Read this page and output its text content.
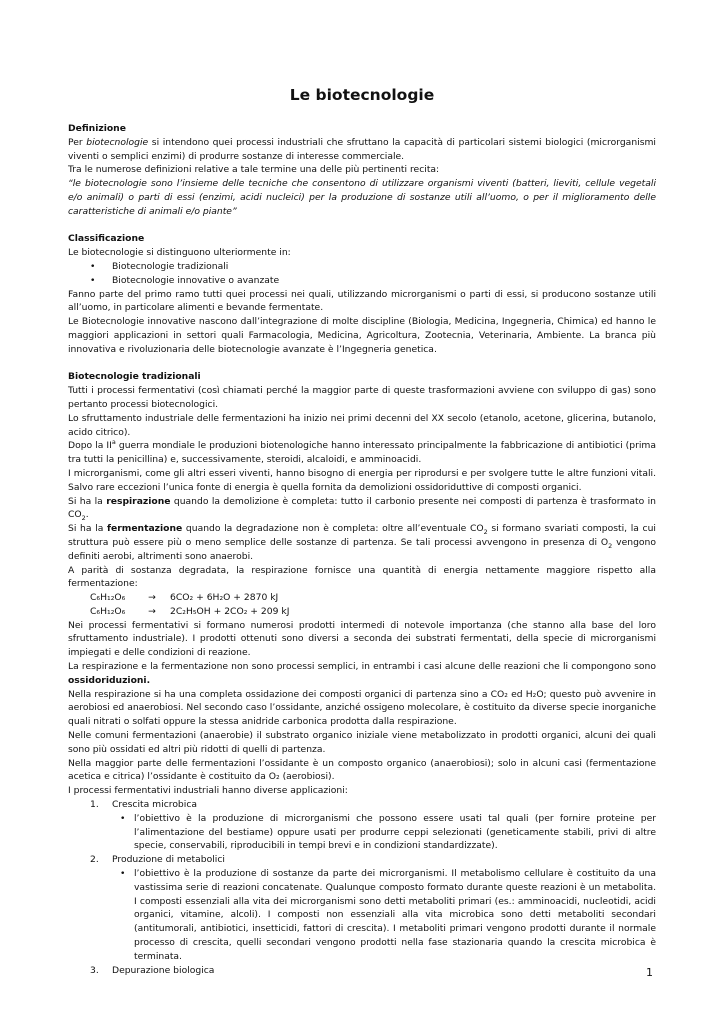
Le biotecnologie

Definizione

Per biotecnologie si intendono quei processi industriali che sfruttano la capacità di particolari sistemi biologici (microrganismi viventi o semplici enzimi) di produrre sostanze di interesse commerciale.

Tra le numerose definizioni relative a tale termine una delle più pertinenti recita:

“le biotecnologie sono l’insieme delle tecniche che consentono di utilizzare organismi viventi (batteri, lieviti, cellule vegetali e/o animali) o parti di essi (enzimi, acidi nucleici) per la produzione di sostanze utili all’uomo, o per il miglioramento delle caratteristiche di animali e/o piante”

Classificazione

Le biotecnologie si distinguono ulteriormente in:

• Biotecnologie tradizionali
• Biotecnologie innovative o avanzate

Fanno parte del primo ramo tutti quei processi nei quali, utilizzando microrganismi o parti di essi, si producono sostanze utili all’uomo, in particolare alimenti e bevande fermentate.

Le Biotecnologie innovative nascono dall’integrazione di molte discipline (Biologia, Medicina, Ingegneria, Chimica) ed hanno le maggiori applicazioni in settori quali Farmacologia, Medicina, Agricoltura, Zootecnia, Veterinaria, Ambiente. La branca più innovativa e rivoluzionaria delle biotecnologie avanzate è l’Ingegneria genetica.

Biotecnologie tradizionali

Tutti i processi fermentativi (così chiamati perché la maggior parte di queste trasformazioni avviene con sviluppo di gas) sono pertanto processi biotecnologici.

Lo sfruttamento industriale delle fermentazioni ha inizio nei primi decenni del XX secolo (etanolo, acetone, glicerina, butanolo, acido citrico).

Dopo la $II^a$ guerra mondiale le produzioni biotenologiche hanno interessato principalmente la fabbricazione di antibiotici (prima tra tutti la penicillina) e, successivamente, steroidi, alcaloidi, e amminoacidi.

I microrganismi, come gli altri esseri viventi, hanno bisogno di energia per riprodursi e per svolgere tutte le altre funzioni vitali. Salvo rare eccezioni l’unica fonte di energia è quella fornita da demolizioni ossidoriduttive di composti organici.

Si ha la respirazione quando la demolizione è completa: tutto il carbonio presente nei composti di partenza è trasformato in $CO_2$.

Si ha la fermentazione quando la degradazione non è completa: oltre all’eventuale $CO_2$ si formano svariati composti, la cui struttura può essere più o meno semplice delle sostanze di partenza. Se tali processi avvengono in presenza di $O_2$ vengono definiti aerobi, altrimenti sono anaerobi.

A parità di sostanza degradata, la respirazione fornisce una quantità di energia nettamente maggiore rispetto alla fermentazione:

C₆H₁₂O₆ → 6CO₂ + 6H₂O + 2870 kJ

C₆H₁₂O₆ → 2C₂H₅OH + 2CO₂ + 209 kJ

Nei processi fermentativi si formano numerosi prodotti intermedi di notevole importanza (che stanno alla base del loro sfruttamento industriale). I prodotti ottenuti sono diversi a seconda dei substrati fermentati, della specie di microrganismi impiegati e delle condizioni di reazione.

La respirazione e la fermentazione non sono processi semplici, in entrambi i casi alcune delle reazioni che li compongono sono ossidoriduzioni.

Nella respirazione si ha una completa ossidazione dei composti organici di partenza sino a CO₂ ed H₂O; questo può avvenire in aerobiosi ed anaerobiosi. Nel secondo caso l’ossidante, anziché ossigeno molecolare, è costituito da diverse specie inorganiche quali nitrati o solfati oppure la stessa anidride carbonica prodotta dalla respirazione.

Nelle comuni fermentazioni (anaerobie) il substrato organico iniziale viene metabolizzato in prodotti organici, alcuni dei quali sono più ossidati ed altri più ridotti di quelli di partenza.

Nella maggior parte delle fermentazioni l’ossidante è un composto organico (anaerobiosi); solo in alcuni casi (fermentazione acetica e citrica) l’ossidante è costituito da O₂ (aerobiosi).

I processi fermentativi industriali hanno diverse applicazioni:

1. Crescita microbica

• l’obiettivo è la produzione di microrganismi che possono essere usati tal quali (per fornire proteine per l’alimentazione del bestiame) oppure usati per produrre ceppi selezionati (geneticamente stabili, privi di altre specie, conservabili, riproducibili in tempi brevi e in condizioni standardizzate).

2. Produzione di metabolici

• l’obiettivo è la produzione di sostanze da parte dei microrganismi. Il metabolismo cellulare è costituito da una vastissima serie di reazioni concatenate. Qualunque composto formato durante queste reazioni è un metabolita. I composti essenziali alla vita dei microrganismi sono detti metaboliti primari (es.: amminoacidi, nucleotidi, acidi organici, vitamine, alcoli). I composti non essenziali alla vita microbica sono detti metaboliti secondari (antitumorali, antibiotici, insetticidi, fattori di crescita). I metaboliti primari vengono prodotti durante il normale processo di crescita, quelli secondari vengono prodotti nella fase stazionaria quando la crescita microbica è terminata.

3. Depurazione biologica	1
